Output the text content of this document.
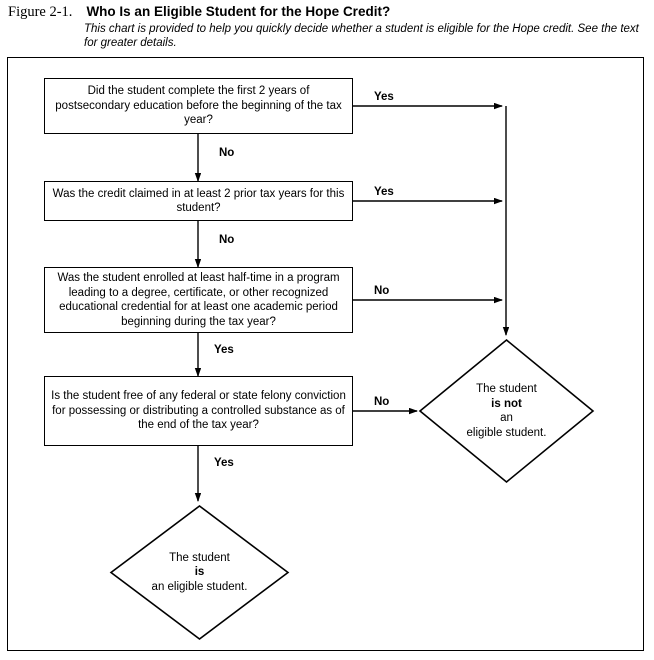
Figure 2-1. Who Is an Eligible Student for the Hope Credit?
This chart is provided to help you quickly decide whether a student is eligible for the Hope credit. See the text for greater details.
Did the student complete the first 2 years of postsecondary education before the beginning of the tax year?
Was the credit claimed in at least 2 prior tax years for this student?
Was the student enrolled at least half-time in a program leading to a degree, certificate, or other recognized educational credential for at least one academic period beginning during the tax year?
Is the student free of any federal or state felony conviction for possessing or distributing a controlled substance as of the end of the tax year?
The student
is not
an
eligible student.
The student
is
an eligible student.
Yes
No
Yes
No
No
Yes
No
Yes
